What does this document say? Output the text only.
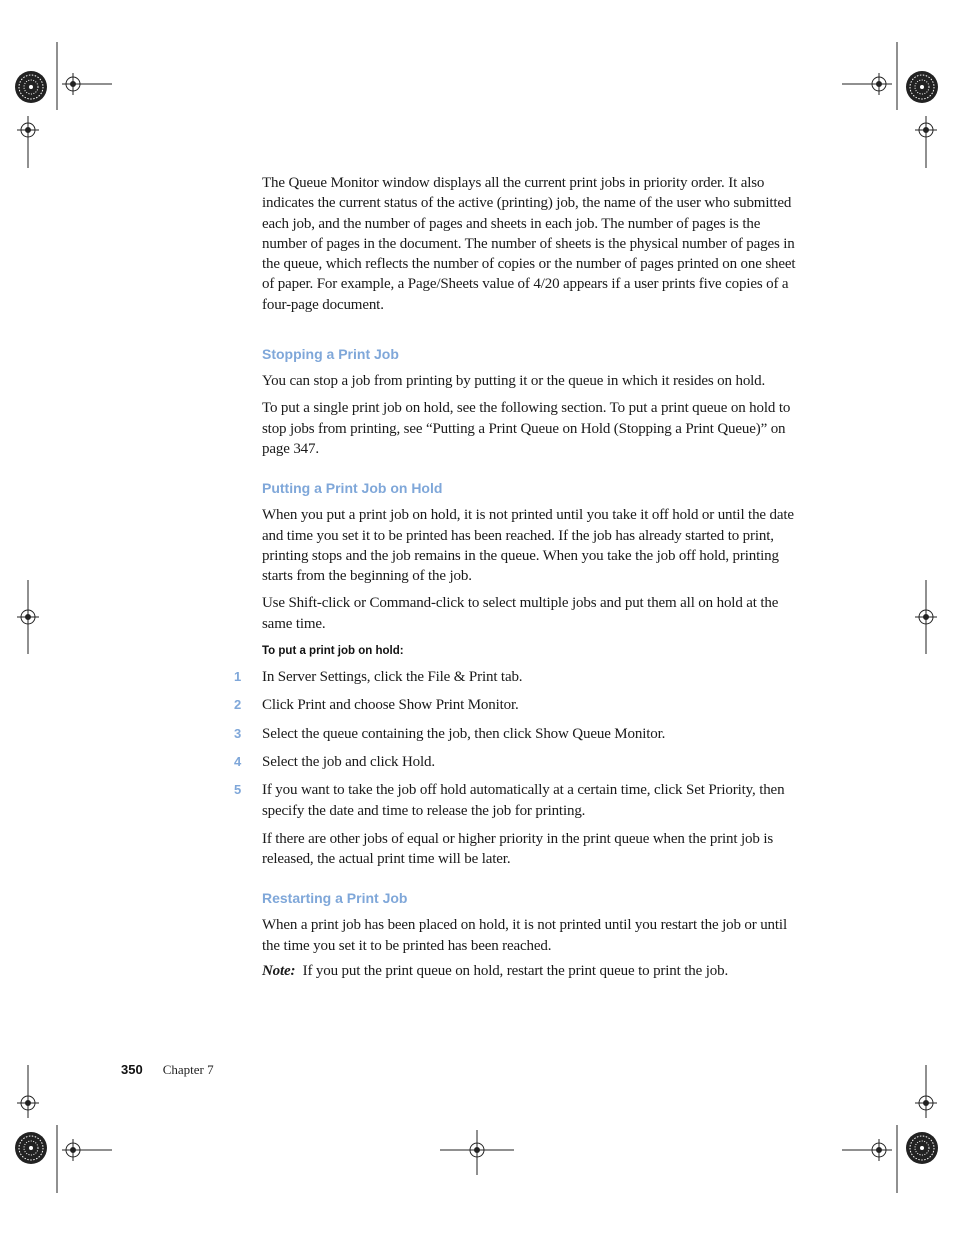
The Queue Monitor window displays all the current print jobs in priority order. It also indicates the current status of the active (printing) job, the name of the user who submitted each job, and the number of pages and sheets in each job. The number of pages is the number of pages in the document. The number of sheets is the physical number of pages in the queue, which reflects the number of copies or the number of pages printed on one sheet of paper. For example, a Page/Sheets value of 4/20 appears if a user prints five copies of a four-page document.

Stopping a Print Job

You can stop a job from printing by putting it or the queue in which it resides on hold.

To put a single print job on hold, see the following section. To put a print queue on hold to stop jobs from printing, see “Putting a Print Queue on Hold (Stopping a Print Queue)” on page 347.

Putting a Print Job on Hold

When you put a print job on hold, it is not printed until you take it off hold or until the date and time you set it to be printed has been reached. If the job has already started to print, printing stops and the job remains in the queue. When you take the job off hold, printing starts from the beginning of the job.

Use Shift-click or Command-click to select multiple jobs and put them all on hold at the same time.

To put a print job on hold:
1	In Server Settings, click the File & Print tab.

2	Click Print and choose Show Print Monitor.

3	Select the queue containing the job, then click Show Queue Monitor.

4	Select the job and click Hold.

5	If you want to take the job off hold automatically at a certain time, click Set Priority, then specify the date and time to release the job for printing.

If there are other jobs of equal or higher priority in the print queue when the print job is released, the actual print time will be later.

Restarting a Print Job

When a print job has been placed on hold, it is not printed until you restart the job or until the time you set it to be printed has been reached.

Note: If you put the print queue on hold, restart the print queue to print the job.

350 Chapter 7
